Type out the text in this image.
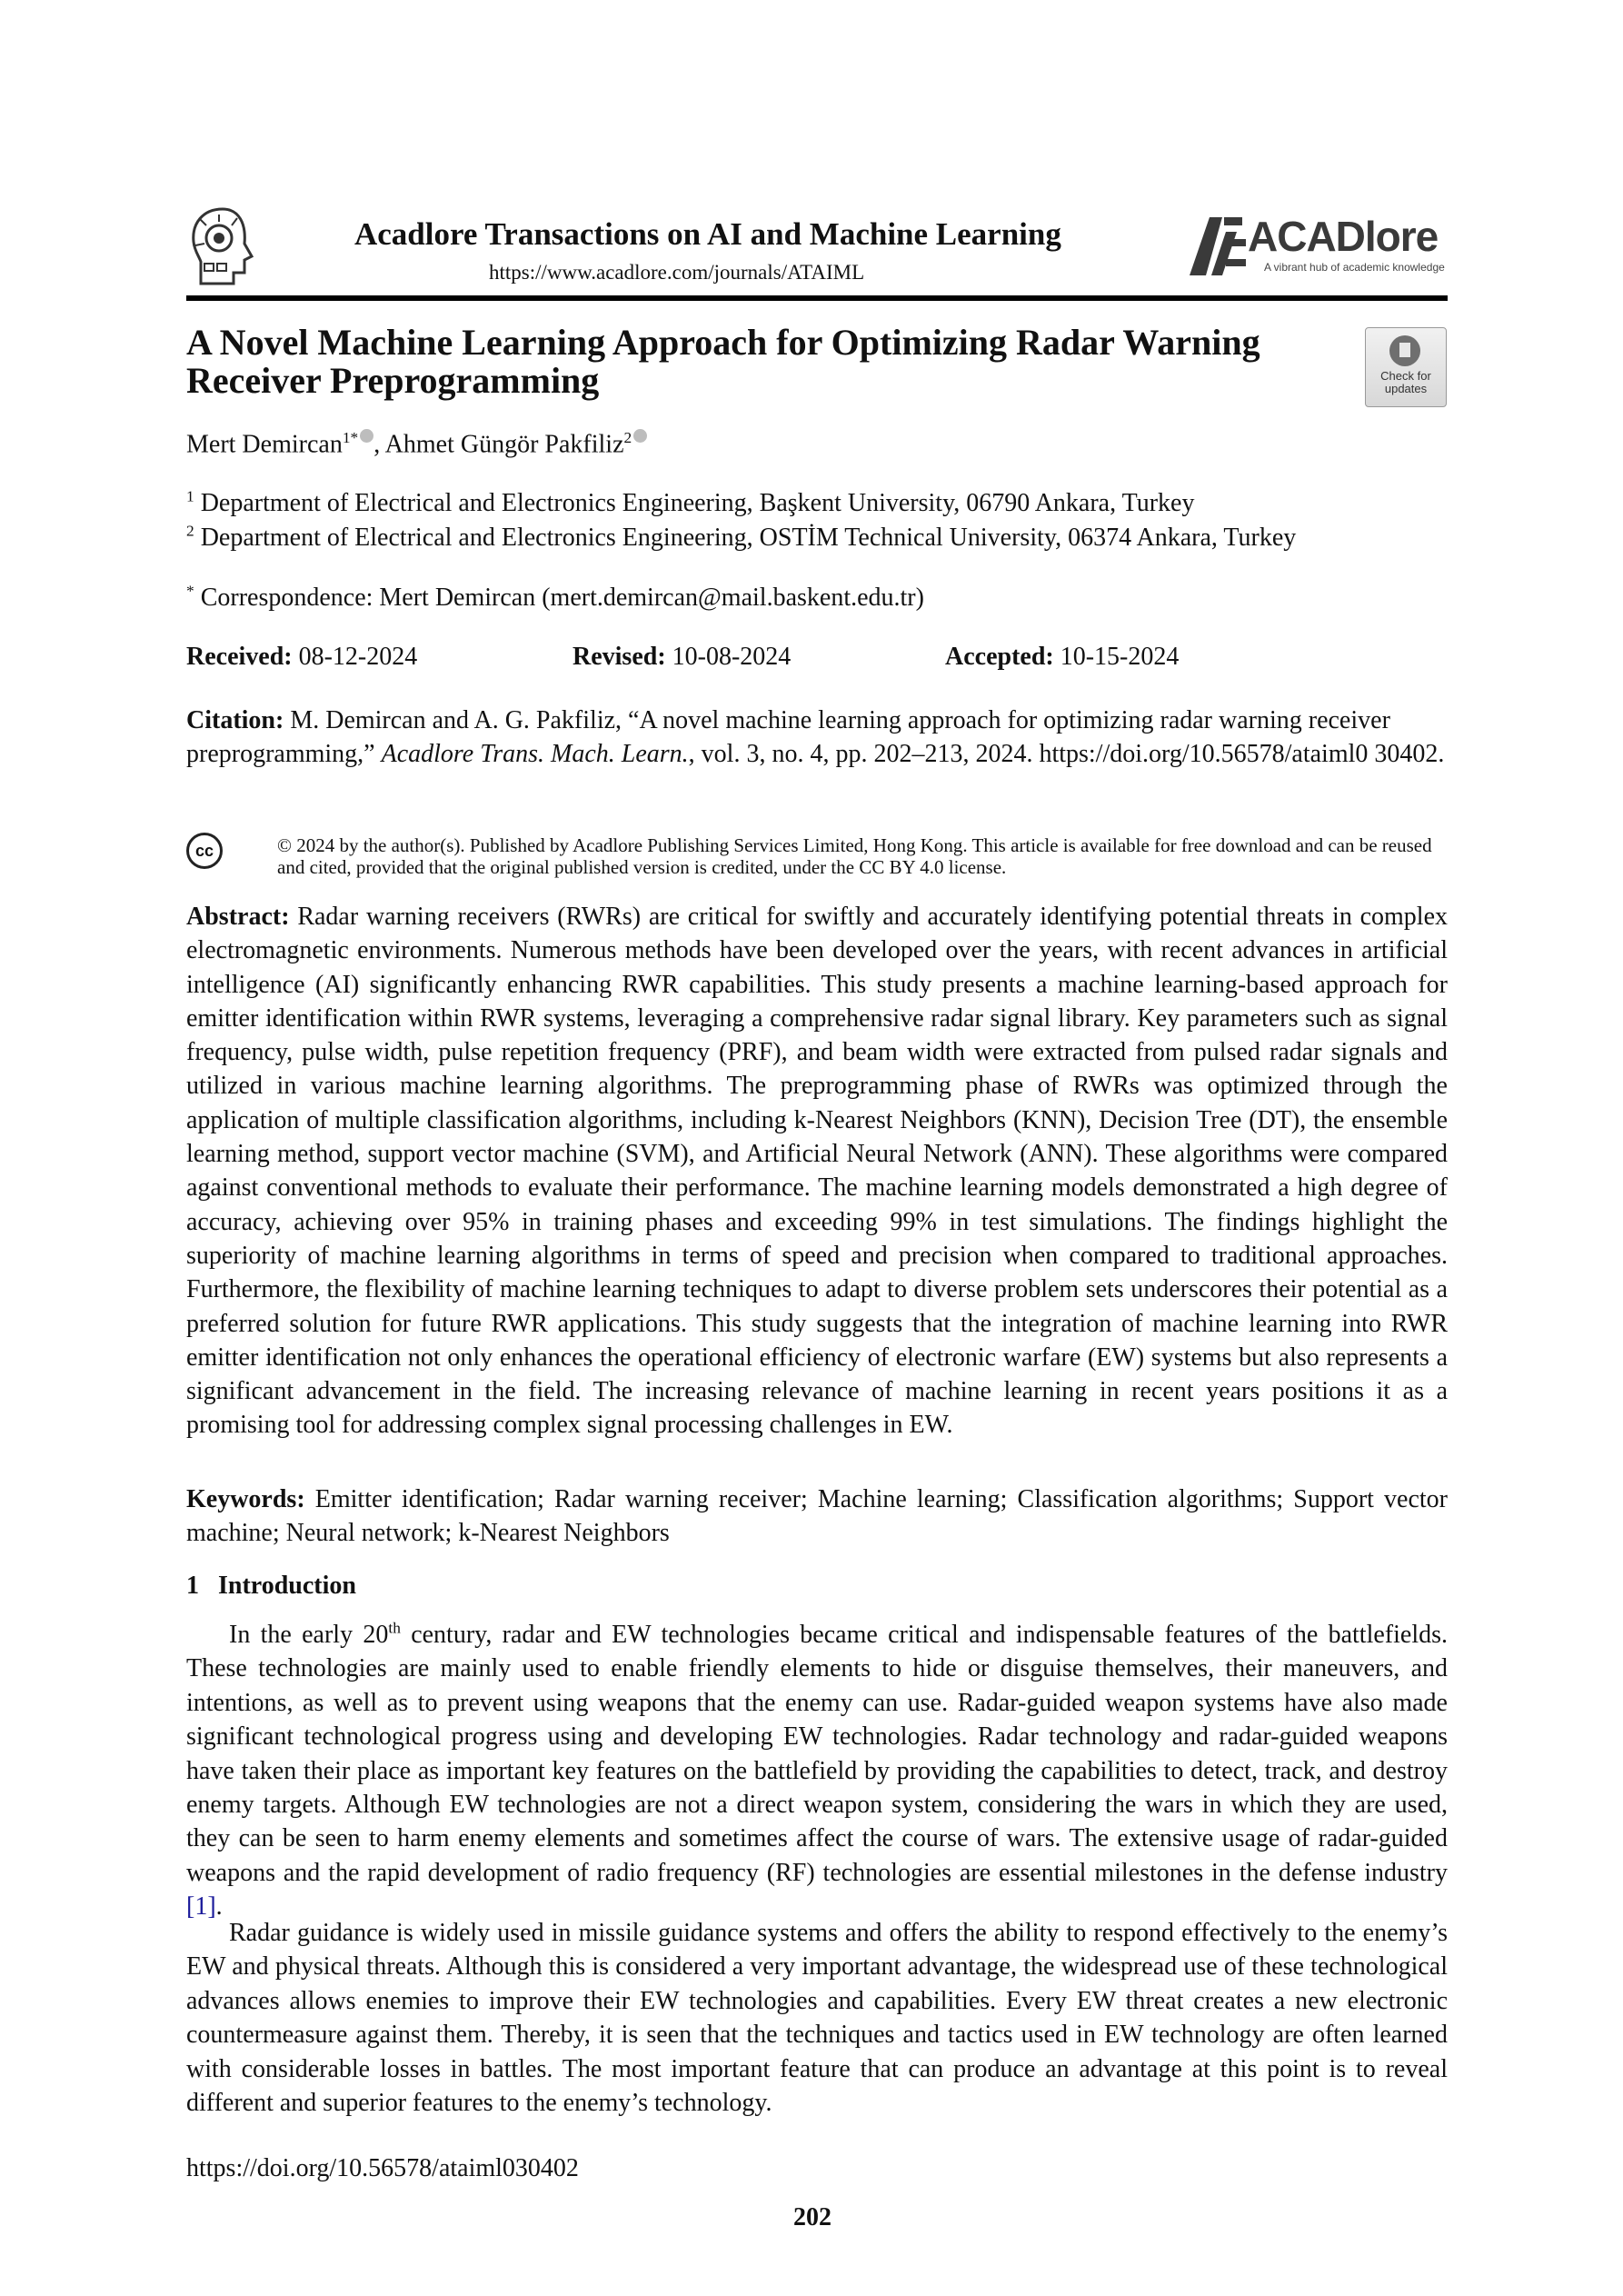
Acadlore Transactions on AI and Machine Learning
https://www.acadlore.com/journals/ATAIML
ACADlore
A vibrant hub of academic knowledge
A Novel Machine Learning Approach for Optimizing Radar Warning Receiver Preprogramming	Check for updates
Mert Demircan$^{1*}$ , Ahmet Güngör Pakfiliz$^2$
$^1$ Department of Electrical and Electronics Engineering, Başkent University, 06790 Ankara, Turkey
$^2$ Department of Electrical and Electronics Engineering, OSTİM Technical University, 06374 Ankara, Turkey
* Correspondence: Mert Demircan (mert.demircan@mail.baskent.edu.tr)
Received: 08-12-2024	Revised: 10-08-2024	Accepted: 10-15-2024
Citation: M. Demircan and A. G. Pakfiliz, “A novel machine learning approach for optimizing radar warning receiver preprogramming,” Acadlore Trans. Mach. Learn., vol. 3, no. 4, pp. 202–213, 2024. https://doi.org/10.56578/ataiml0 30402.
cc	© 2024 by the author(s). Published by Acadlore Publishing Services Limited, Hong Kong. This article is available for free download and can be reused and cited, provided that the original published version is credited, under the CC BY 4.0 license.
Abstract: Radar warning receivers (RWRs) are critical for swiftly and accurately identifying potential threats in complex electromagnetic environments. Numerous methods have been developed over the years, with recent advances in artificial intelligence (AI) significantly enhancing RWR capabilities. This study presents a machine learning-based approach for emitter identification within RWR systems, leveraging a comprehensive radar signal library. Key parameters such as signal frequency, pulse width, pulse repetition frequency (PRF), and beam width were extracted from pulsed radar signals and utilized in various machine learning algorithms. The preprogramming phase of RWRs was optimized through the application of multiple classification algorithms, including k-Nearest Neighbors (KNN), Decision Tree (DT), the ensemble learning method, support vector machine (SVM), and Artificial Neural Network (ANN). These algorithms were compared against conventional methods to evaluate their performance. The machine learning models demonstrated a high degree of accuracy, achieving over 95% in training phases and exceeding 99% in test simulations. The findings highlight the superiority of machine learning algorithms in terms of speed and precision when compared to traditional approaches. Furthermore, the flexibility of machine learning techniques to adapt to diverse problem sets underscores their potential as a preferred solution for future RWR applications. This study suggests that the integration of machine learning into RWR emitter identification not only enhances the operational efficiency of electronic warfare (EW) systems but also represents a significant advancement in the field. The increasing relevance of machine learning in recent years positions it as a promising tool for addressing complex signal processing challenges in EW.
Keywords: Emitter identification; Radar warning receiver; Machine learning; Classification algorithms; Support vector machine; Neural network; k-Nearest Neighbors
1   Introduction
In the early 20th century, radar and EW technologies became critical and indispensable features of the battlefields. These technologies are mainly used to enable friendly elements to hide or disguise themselves, their maneuvers, and intentions, as well as to prevent using weapons that the enemy can use. Radar-guided weapon systems have also made significant technological progress using and developing EW technologies. Radar technology and radar-guided weapons have taken their place as important key features on the battlefield by providing the capabilities to detect, track, and destroy enemy targets. Although EW technologies are not a direct weapon system, considering the wars in which they are used, they can be seen to harm enemy elements and sometimes affect the course of wars. The extensive usage of radar-guided weapons and the rapid development of radio frequency (RF) technologies are essential milestones in the defense industry [1].
Radar guidance is widely used in missile guidance systems and offers the ability to respond effectively to the enemy’s EW and physical threats. Although this is considered a very important advantage, the widespread use of these technological advances allows enemies to improve their EW technologies and capabilities. Every EW threat creates a new electronic countermeasure against them. Thereby, it is seen that the techniques and tactics used in EW technology are often learned with considerable losses in battles. The most important feature that can produce an advantage at this point is to reveal different and superior features to the enemy’s technology.
https://doi.org/10.56578/ataiml030402
202
